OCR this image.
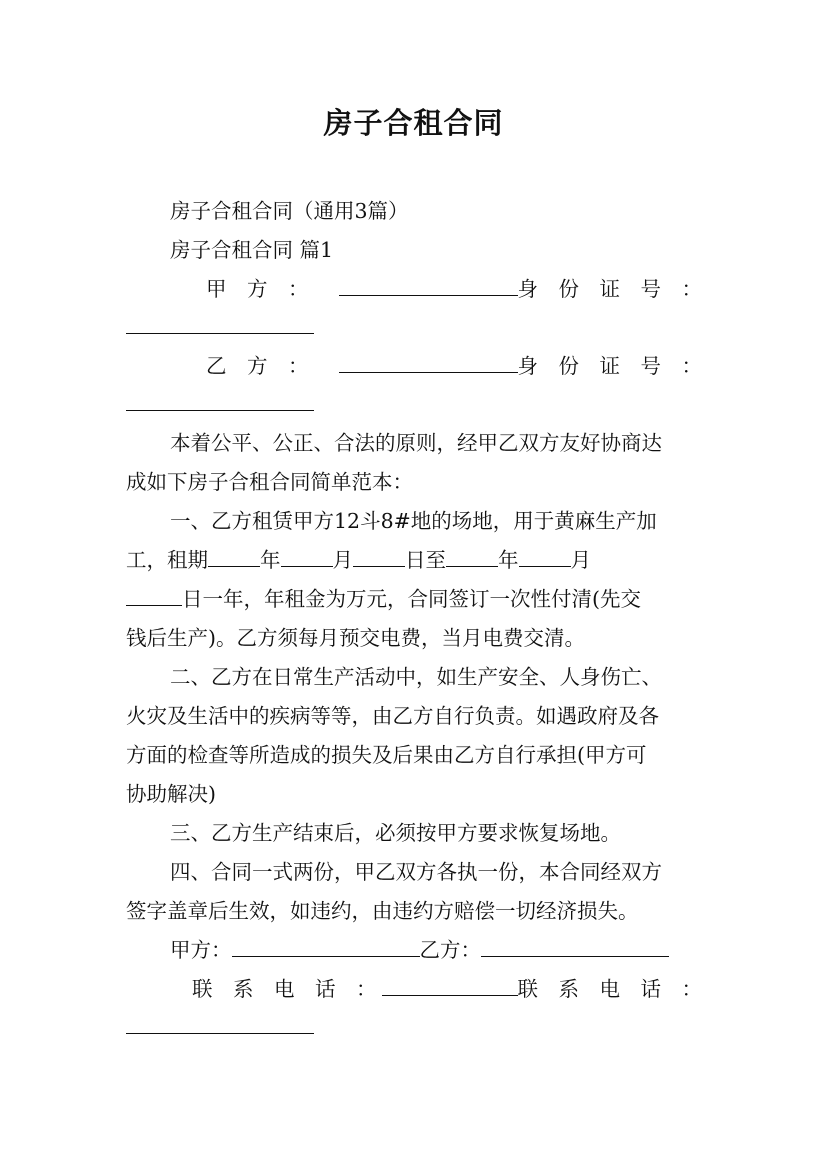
房子合租合同
房子合租合同（通用3篇）
房子合租合同 篇1
甲　方　：	身　份　证　号　：
乙　方　：	身　份　证　号　：
本着公平、公正、合法的原则，经甲乙双方友好协商达
成如下房子合租合同简单范本：
一、乙方租赁甲方12斗8#地的场地，用于黄麻生产加
工，租期	年	月	日至	年	月
日一年，年租金为万元，合同签订一次性付清(先交
钱后生产)。乙方须每月预交电费，当月电费交清。
二、乙方在日常生产活动中，如生产安全、人身伤亡、
火灾及生活中的疾病等等，由乙方自行负责。如遇政府及各
方面的检查等所造成的损失及后果由乙方自行承担(甲方可
协助解决)
三、乙方生产结束后，必须按甲方要求恢复场地。
四、合同一式两份，甲乙双方各执一份，本合同经双方
签字盖章后生效，如违约，由违约方赔偿一切经济损失。
甲方：	乙方：
联　系　电　话　：	联　系　电　话　：
